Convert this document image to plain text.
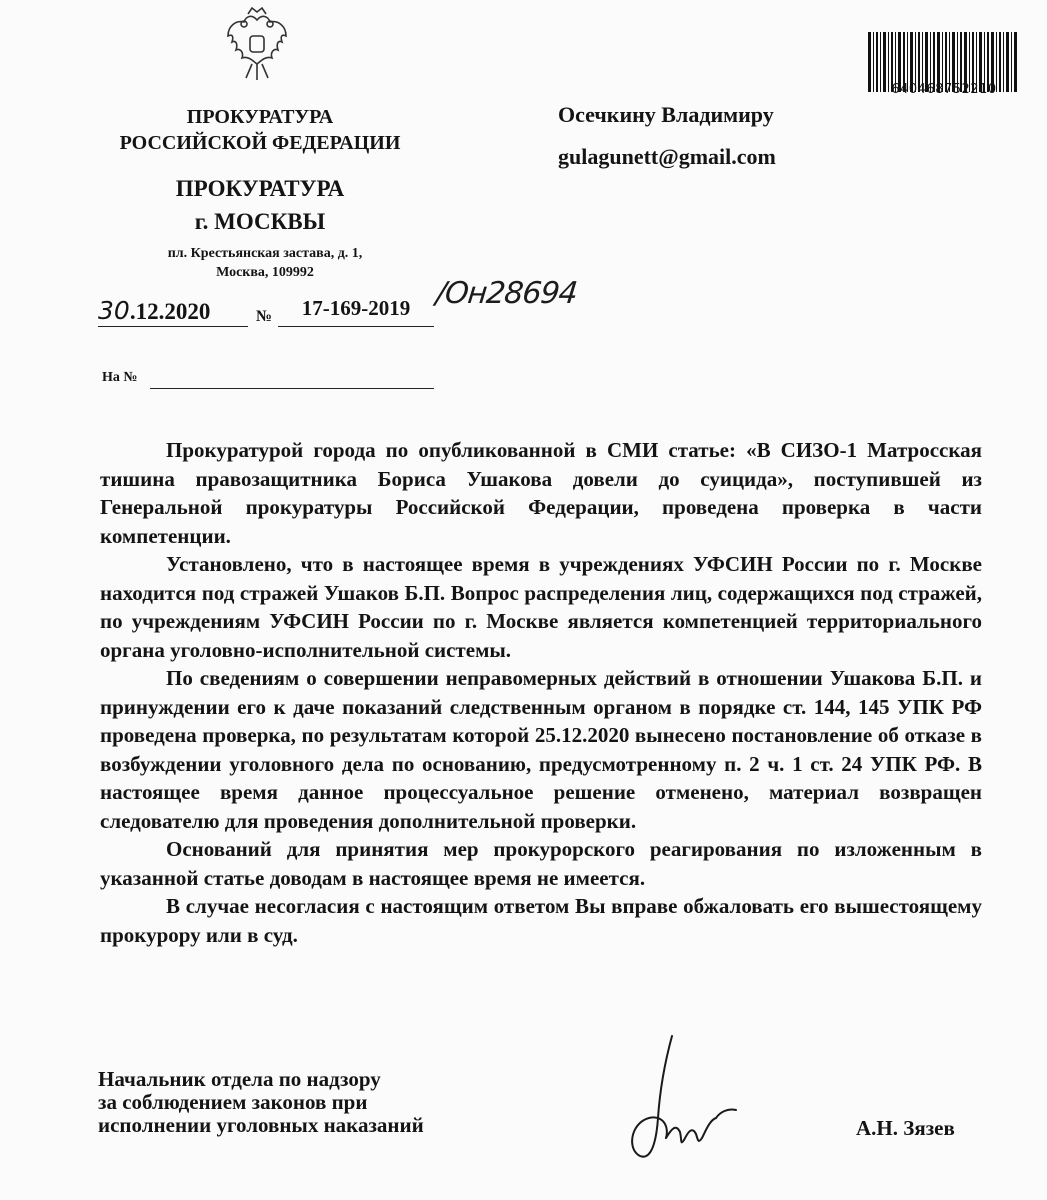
ПРОКУРАТУРА
РОССИЙСКОЙ ФЕДЕРАЦИИ
ПРОКУРАТУРА
г. МОСКВЫ
пл. Крестьянская застава, д. 1,
Москва, 109992
30.12.2020	№	17-169-2019 /Он28694
На №
Осечкину Владимиру
gulagunett@gmail.com
640468752210

Прокуратурой города по опубликованной в СМИ статье: «В СИЗО-1 Матросская тишина правозащитника Бориса Ушакова довели до суицида», поступившей из Генеральной прокуратуры Российской Федерации, проведена проверка в части компетенции.

Установлено, что в настоящее время в учреждениях УФСИН России по г. Москве находится под стражей Ушаков Б.П. Вопрос распределения лиц, содержащихся под стражей, по учреждениям УФСИН России по г. Москве является компетенцией территориального органа уголовно-исполнительной системы.

По сведениям о совершении неправомерных действий в отношении Ушакова Б.П. и принуждении его к даче показаний следственным органом в порядке ст. 144, 145 УПК РФ проведена проверка, по результатам которой 25.12.2020 вынесено постановление об отказе в возбуждении уголовного дела по основанию, предусмотренному п. 2 ч. 1 ст. 24 УПК РФ. В настоящее время данное процессуальное решение отменено, материал возвращен следователю для проведения дополнительной проверки.

Оснований для принятия мер прокурорского реагирования по изложенным в указанной статье доводам в настоящее время не имеется.

В случае несогласия с настоящим ответом Вы вправе обжаловать его вышестоящему прокурору или в суд.

Начальник отдела по надзору
за соблюдением законов при
исполнении уголовных наказаний	А.Н. Зязев
